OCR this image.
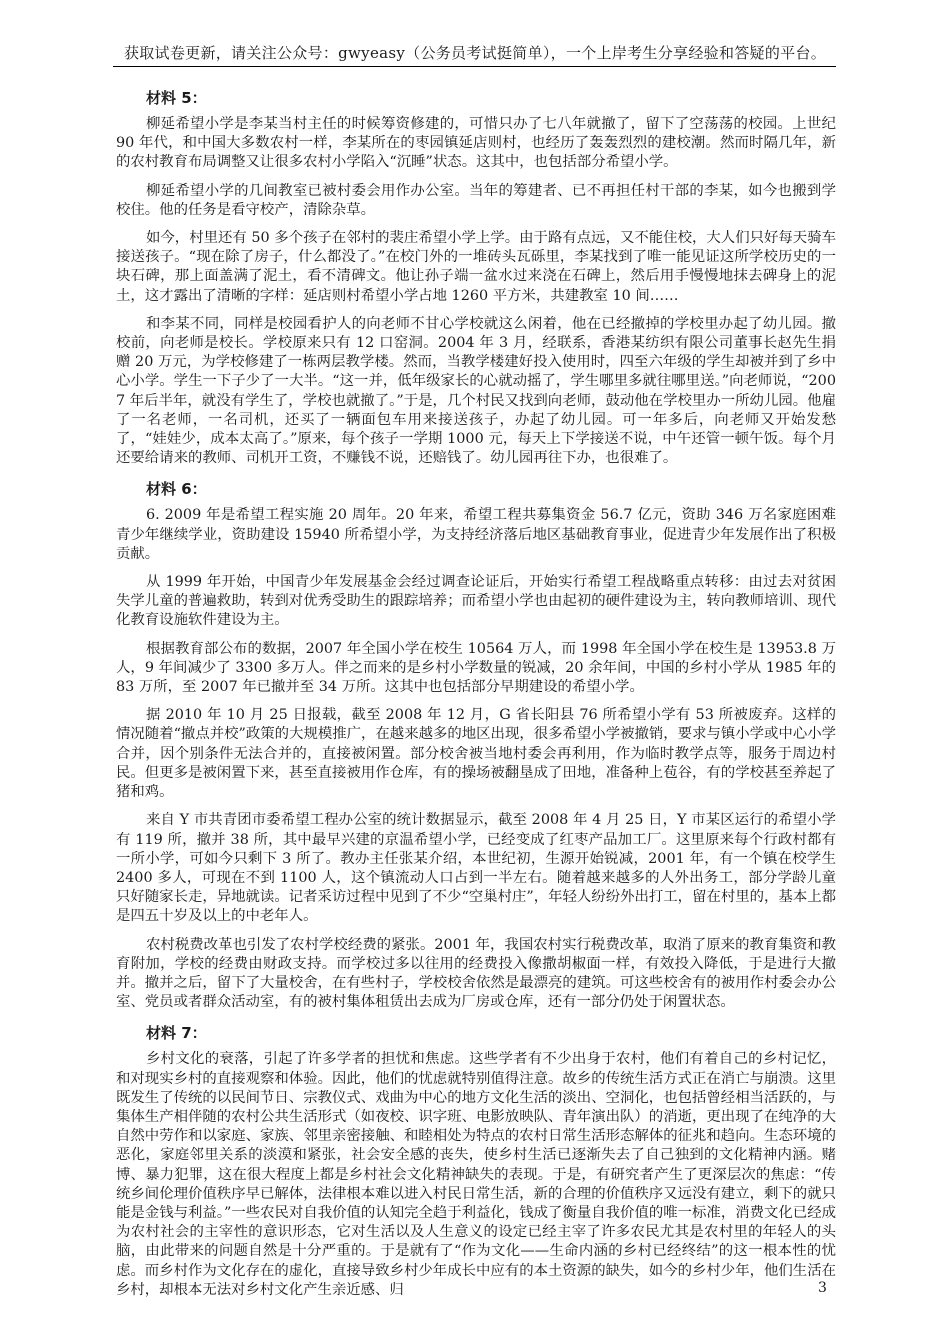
获取试卷更新，请关注公众号：gwyeasy（公务员考试挺简单），一个上岸考生分享经验和答疑的平台。
材料 5：

柳延希望小学是李某当村主任的时候筹资修建的，可惜只办了七八年就撤了，留下了空荡荡的校园。上世纪 90 年代，和中国大多数农村一样，李某所在的枣园镇延店则村，也经历了轰轰烈烈的建校潮。然而时隔几年，新的农村教育布局调整又让很多农村小学陷入“沉睡”状态。这其中，也包括部分希望小学。

柳延希望小学的几间教室已被村委会用作办公室。当年的筹建者、已不再担任村干部的李某，如今也搬到学校住。他的任务是看守校产，清除杂草。

如今，村里还有 50 多个孩子在邻村的裴庄希望小学上学。由于路有点远，又不能住校，大人们只好每天骑车接送孩子。“现在除了房子，什么都没了。”在校门外的一堆砖头瓦砾里，李某找到了唯一能见证这所学校历史的一块石碑，那上面盖满了泥土，看不清碑文。他让孙子端一盆水过来浇在石碑上，然后用手慢慢地抹去碑身上的泥土，这才露出了清晰的字样：延店则村希望小学占地 1260 平方米，共建教室 10 间……

和李某不同，同样是校园看护人的向老师不甘心学校就这么闲着，他在已经撤掉的学校里办起了幼儿园。撤校前，向老师是校长。学校原来只有 12 口窑洞。2004 年 3 月，经联系，香港某纺织有限公司董事长赵先生捐赠 20 万元，为学校修建了一栋两层教学楼。然而，当教学楼建好投入使用时，四至六年级的学生却被并到了乡中心小学。学生一下子少了一大半。“这一并，低年级家长的心就动摇了，学生哪里多就往哪里送。”向老师说，“2007 年后半年，就没有学生了，学校也就撤了。”于是，几个村民又找到向老师，鼓动他在学校里办一所幼儿园。他雇了一名老师，一名司机，还买了一辆面包车用来接送孩子，办起了幼儿园。可一年多后，向老师又开始发愁了，“娃娃少，成本太高了。”原来，每个孩子一学期 1000 元，每天上下学接送不说，中午还管一顿午饭。每个月还要给请来的教师、司机开工资，不赚钱不说，还赔钱了。幼儿园再往下办，也很难了。

材料 6：

6. 2009 年是希望工程实施 20 周年。20 年来，希望工程共募集资金 56.7 亿元，资助 346 万名家庭困难青少年继续学业，资助建设 15940 所希望小学，为支持经济落后地区基础教育事业，促进青少年发展作出了积极贡献。

从 1999 年开始，中国青少年发展基金会经过调查论证后，开始实行希望工程战略重点转移：由过去对贫困失学儿童的普遍救助，转到对优秀受助生的跟踪培养；而希望小学也由起初的硬件建设为主，转向教师培训、现代化教育设施软件建设为主。

根据教育部公布的数据，2007 年全国小学在校生 10564 万人，而 1998 年全国小学在校生是 13953.8 万人，9 年间减少了 3300 多万人。伴之而来的是乡村小学数量的锐减，20 余年间，中国的乡村小学从 1985 年的 83 万所，至 2007 年已撤并至 34 万所。这其中也包括部分早期建设的希望小学。

据 2010 年 10 月 25 日报载，截至 2008 年 12 月，G 省长阳县 76 所希望小学有 53 所被废弃。这样的情况随着“撤点并校”政策的大规模推广，在越来越多的地区出现，很多希望小学被撤销，要求与镇小学或中心小学合并，因个别条件无法合并的，直接被闲置。部分校舍被当地村委会再利用，作为临时教学点等，服务于周边村民。但更多是被闲置下来，甚至直接被用作仓库，有的操场被翻垦成了田地，准备种上苞谷，有的学校甚至养起了猪和鸡。

来自 Y 市共青团市委希望工程办公室的统计数据显示，截至 2008 年 4 月 25 日，Y 市某区运行的希望小学有 119 所，撤并 38 所，其中最早兴建的京温希望小学，已经变成了红枣产品加工厂。这里原来每个行政村都有一所小学，可如今只剩下 3 所了。教办主任张某介绍，本世纪初，生源开始锐减，2001 年，有一个镇在校学生 2400 多人，可现在不到 1100 人，这个镇流动人口占到一半左右。随着越来越多的人外出务工，部分学龄儿童只好随家长走，异地就读。记者采访过程中见到了不少“空巢村庄”，年轻人纷纷外出打工，留在村里的，基本上都是四五十岁及以上的中老年人。

农村税费改革也引发了农村学校经费的紧张。2001 年，我国农村实行税费改革，取消了原来的教育集资和教育附加，学校的经费由财政支持。而学校过多以往用的经费投入像撒胡椒面一样，有效投入降低，于是进行大撤并。撤并之后，留下了大量校舍，在有些村子，学校校舍依然是最漂亮的建筑。可这些校舍有的被用作村委会办公室、党员或者群众活动室，有的被村集体租赁出去成为厂房或仓库，还有一部分仍处于闲置状态。

材料 7：

乡村文化的衰落，引起了许多学者的担忧和焦虑。这些学者有不少出身于农村，他们有着自己的乡村记忆，和对现实乡村的直接观察和体验。因此，他们的忧虑就特别值得注意。故乡的传统生活方式正在消亡与崩溃。这里既发生了传统的以民间节日、宗教仪式、戏曲为中心的地方文化生活的淡出、空洞化，也包括曾经相当活跃的，与集体生产相伴随的农村公共生活形式（如夜校、识字班、电影放映队、青年演出队）的消逝，更出现了在纯净的大自然中劳作和以家庭、家族、邻里亲密接触、和睦相处为特点的农村日常生活形态解体的征兆和趋向。生态环境的恶化，家庭邻里关系的淡漠和紧张，社会安全感的丧失，使乡村生活已逐渐失去了自己独到的文化精神内涵。赌博、暴力犯罪，这在很大程度上都是乡村社会文化精神缺失的表现。于是，有研究者产生了更深层次的焦虑：“传统乡间伦理价值秩序早已解体，法律根本难以进入村民日常生活，新的合理的价值秩序又远没有建立，剩下的就只能是金钱与利益。”一些农民对自我价值的认知完全趋于利益化，钱成了衡量自我价值的唯一标准，消费文化已经成为农村社会的主宰性的意识形态，它对生活以及人生意义的设定已经主宰了许多农民尤其是农村里的年轻人的头脑，由此带来的问题自然是十分严重的。于是就有了“作为文化——生命内涵的乡村已经终结”的这一根本性的忧虑。而乡村作为文化存在的虚化，直接导致乡村少年成长中应有的本土资源的缺失，如今的乡村少年，他们生活在乡村，却根本无法对乡村文化产生亲近感、归	3
